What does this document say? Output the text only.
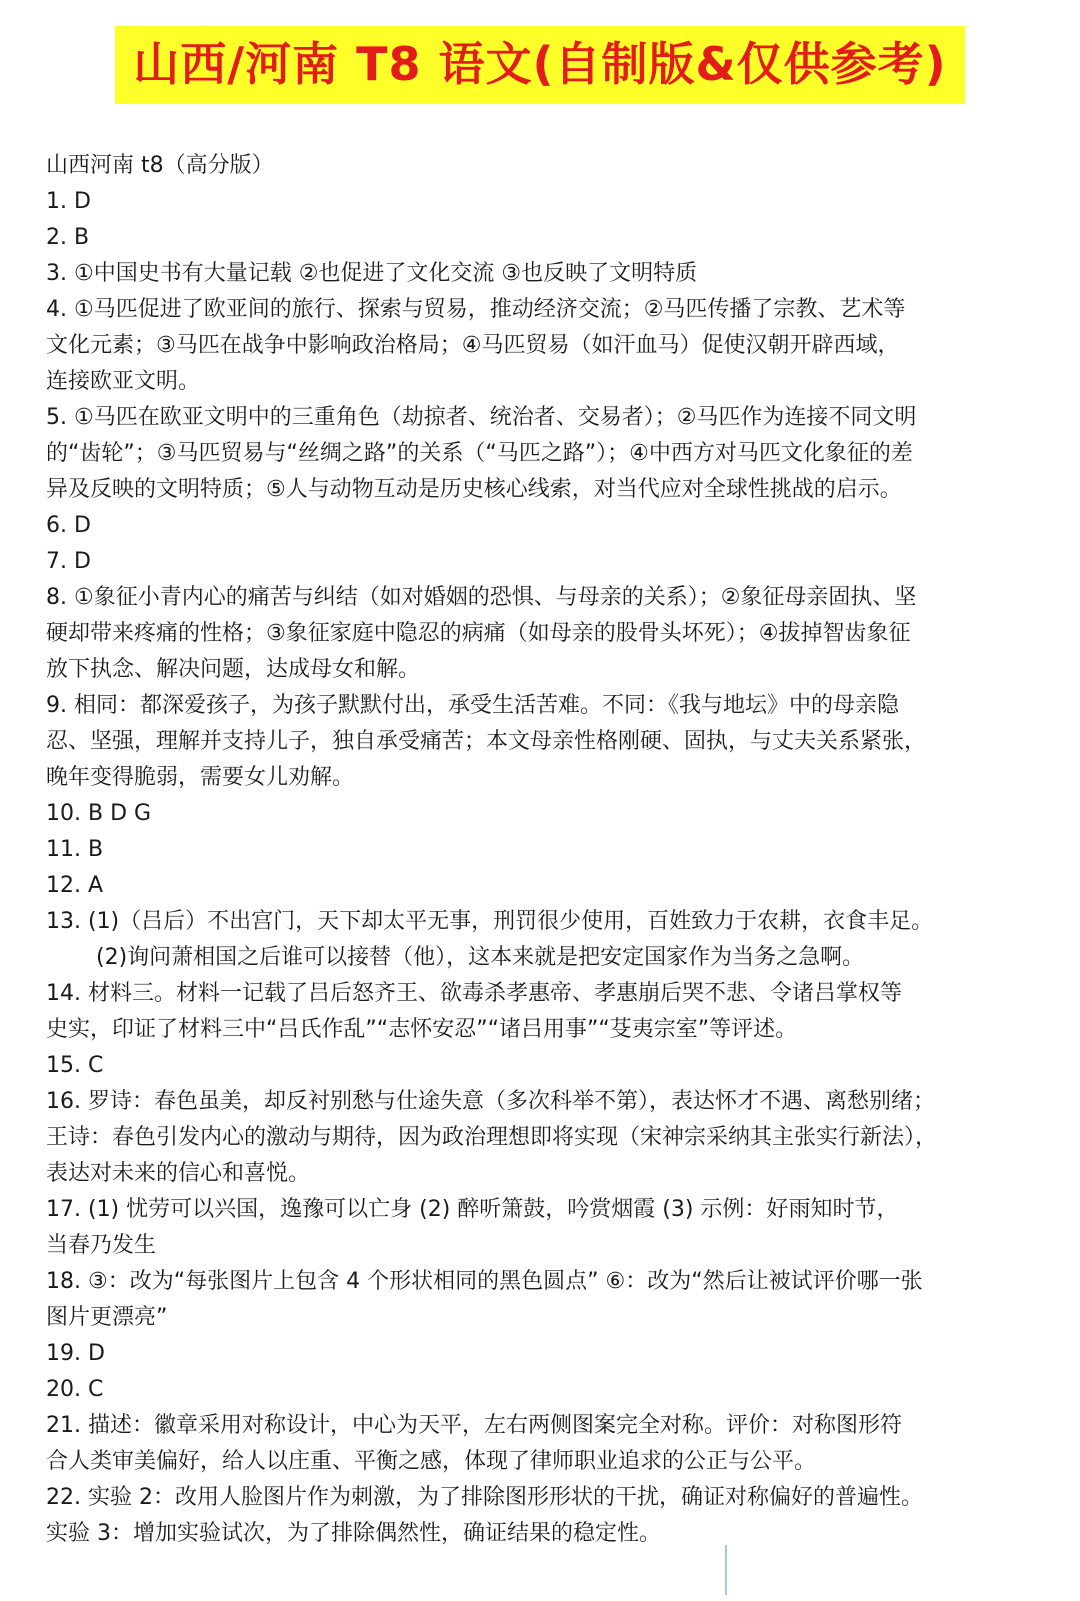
山西/河南 T8 语文(自制版&仅供参考)
山西河南 t8（高分版）
1. D
2. B
3. ①中国史书有大量记载 ②也促进了文化交流 ③也反映了文明特质
4. ①马匹促进了欧亚间的旅行、探索与贸易，推动经济交流；②马匹传播了宗教、艺术等
文化元素；③马匹在战争中影响政治格局；④马匹贸易（如汗血马）促使汉朝开辟西域，
连接欧亚文明。
5. ①马匹在欧亚文明中的三重角色（劫掠者、统治者、交易者）；②马匹作为连接不同文明
的“齿轮”；③马匹贸易与“丝绸之路”的关系（“马匹之路”）；④中西方对马匹文化象征的差
异及反映的文明特质；⑤人与动物互动是历史核心线索，对当代应对全球性挑战的启示。
6. D
7. D
8. ①象征小青内心的痛苦与纠结（如对婚姻的恐惧、与母亲的关系）；②象征母亲固执、坚
硬却带来疼痛的性格；③象征家庭中隐忍的病痛（如母亲的股骨头坏死）；④拔掉智齿象征
放下执念、解决问题，达成母女和解。
9. 相同：都深爱孩子，为孩子默默付出，承受生活苦难。不同：《我与地坛》中的母亲隐
忍、坚强，理解并支持儿子，独自承受痛苦；本文母亲性格刚硬、固执，与丈夫关系紧张，
晚年变得脆弱，需要女儿劝解。
10. B D G
11. B
12. A
13. (1)（吕后）不出宫门，天下却太平无事，刑罚很少使用，百姓致力于农耕，衣食丰足。
(2)询问萧相国之后谁可以接替（他），这本来就是把安定国家作为当务之急啊。
14. 材料三。材料一记载了吕后怒齐王、欲毒杀孝惠帝、孝惠崩后哭不悲、令诸吕掌权等
史实，印证了材料三中“吕氏作乱”“志怀安忍”“诸吕用事”“芟夷宗室”等评述。
15. C
16. 罗诗：春色虽美，却反衬别愁与仕途失意（多次科举不第），表达怀才不遇、离愁别绪；
王诗：春色引发内心的激动与期待，因为政治理想即将实现（宋神宗采纳其主张实行新法），
表达对未来的信心和喜悦。
17. (1) 忧劳可以兴国，逸豫可以亡身 (2) 醉听箫鼓，吟赏烟霞 (3) 示例：好雨知时节，
当春乃发生
18. ③：改为“每张图片上包含 4 个形状相同的黑色圆点” ⑥：改为“然后让被试评价哪一张
图片更漂亮”
19. D
20. C
21. 描述：徽章采用对称设计，中心为天平，左右两侧图案完全对称。评价：对称图形符
合人类审美偏好，给人以庄重、平衡之感，体现了律师职业追求的公正与公平。
22. 实验 2：改用人脸图片作为刺激，为了排除图形形状的干扰，确证对称偏好的普遍性。
实验 3：增加实验试次，为了排除偶然性，确证结果的稳定性。
